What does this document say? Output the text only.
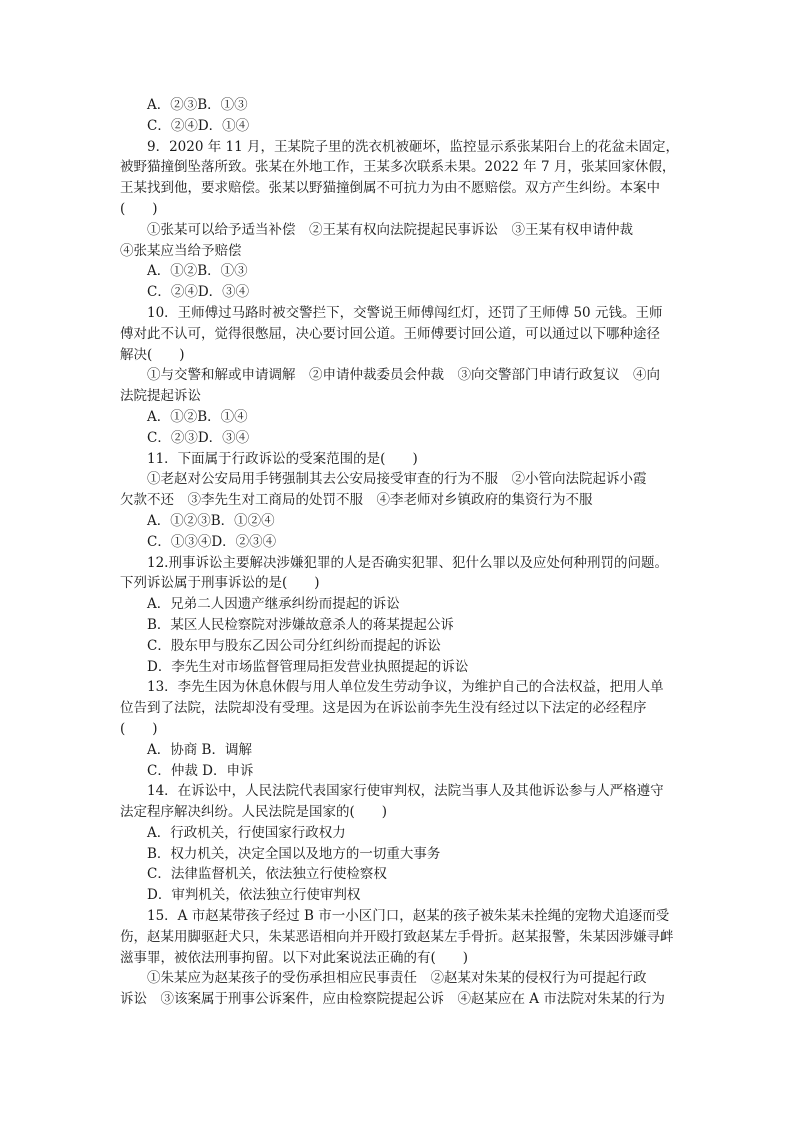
A．②③B．①③
C．②④D．①④
9．2020 年 11 月，王某院子里的洗衣机被砸坏，监控显示系张某阳台上的花盆未固定，
被野猫撞倒坠落所致。张某在外地工作，王某多次联系未果。2022 年 7 月，张某回家休假，
王某找到他，要求赔偿。张某以野猫撞倒属不可抗力为由不愿赔偿。双方产生纠纷。本案中
(　　)
①张某可以给予适当补偿　②王某有权向法院提起民事诉讼　③王某有权申请仲裁
④张某应当给予赔偿
A．①②B．①③
C．②④D．③④
10．王师傅过马路时被交警拦下，交警说王师傅闯红灯，还罚了王师傅 50 元钱。王师
傅对此不认可，觉得很憋屈，决心要讨回公道。王师傅要讨回公道，可以通过以下哪种途径
解决(　　)
①与交警和解或申请调解　②申请仲裁委员会仲裁　③向交警部门申请行政复议　④向
法院提起诉讼
A．①②B．①④
C．②③D．③④
11．下面属于行政诉讼的受案范围的是(　　)
①老赵对公安局用手铐强制其去公安局接受审查的行为不服　②小管向法院起诉小霞
欠款不还　③李先生对工商局的处罚不服　④李老师对乡镇政府的集资行为不服
A．①②③B．①②④
C．①③④D．②③④
12.刑事诉讼主要解决涉嫌犯罪的人是否确实犯罪、犯什么罪以及应处何种刑罚的问题。
下列诉讼属于刑事诉讼的是(　　)
A．兄弟二人因遗产继承纠纷而提起的诉讼
B．某区人民检察院对涉嫌故意杀人的蒋某提起公诉
C．股东甲与股东乙因公司分红纠纷而提起的诉讼
D．李先生对市场监督管理局拒发营业执照提起的诉讼
13．李先生因为休息休假与用人单位发生劳动争议，为维护自己的合法权益，把用人单
位告到了法院，法院却没有受理。这是因为在诉讼前李先生没有经过以下法定的必经程序
(　　)
A．协商 B．调解
C．仲裁 D．申诉
14．在诉讼中，人民法院代表国家行使审判权，法院当事人及其他诉讼参与人严格遵守
法定程序解决纠纷。人民法院是国家的(　　)
A．行政机关，行使国家行政权力
B．权力机关，决定全国以及地方的一切重大事务
C．法律监督机关，依法独立行使检察权
D．审判机关，依法独立行使审判权
15．A 市赵某带孩子经过 B 市一小区门口，赵某的孩子被朱某未拴绳的宠物犬追逐而受
伤，赵某用脚驱赶犬只，朱某恶语相向并开殴打致赵某左手骨折。赵某报警，朱某因涉嫌寻衅
滋事罪，被依法刑事拘留。以下对此案说法正确的有(　　)
①朱某应为赵某孩子的受伤承担相应民事责任　②赵某对朱某的侵权行为可提起行政
诉讼　③该案属于刑事公诉案件，应由检察院提起公诉　④赵某应在 A 市法院对朱某的行为
